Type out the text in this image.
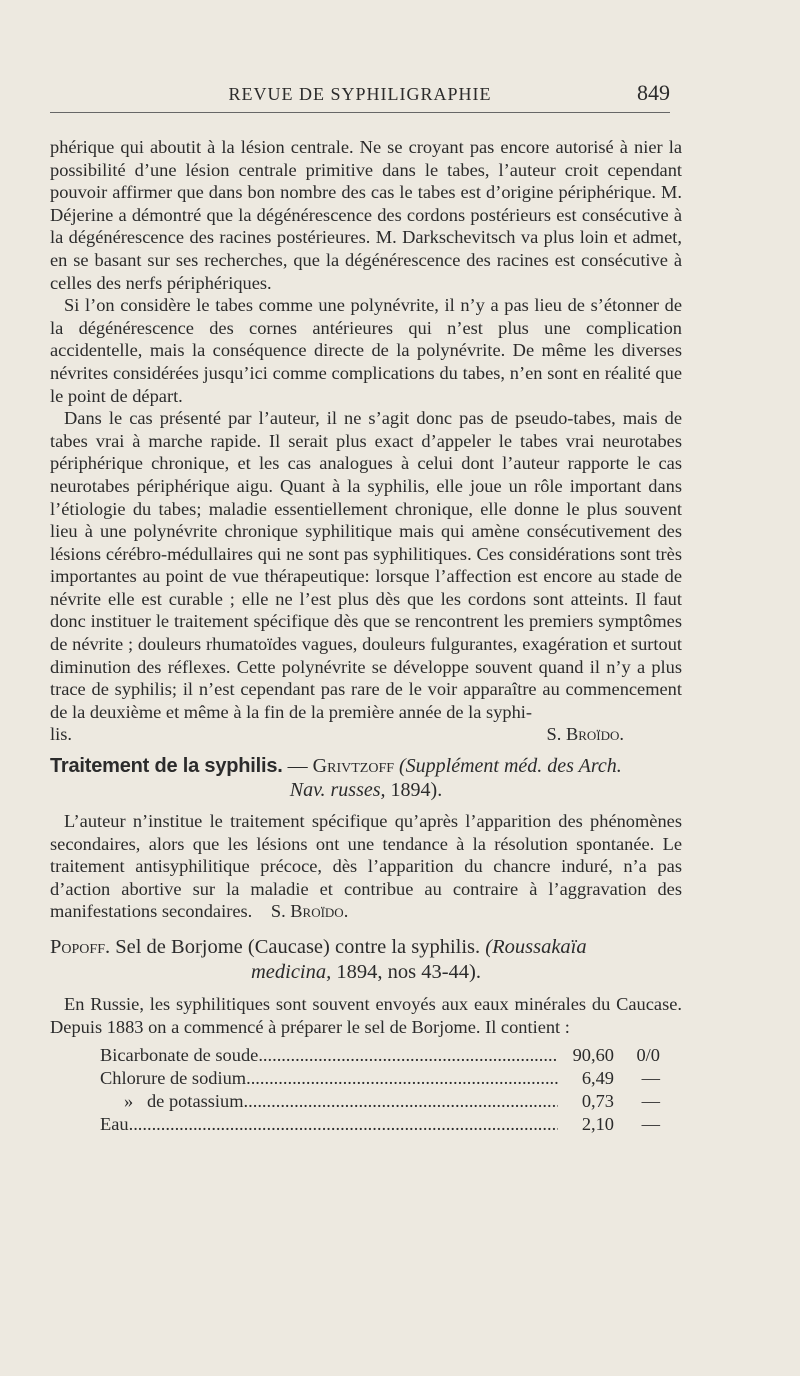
REVUE DE SYPHILIGRAPHIE	849

phérique qui aboutit à la lésion centrale. Ne se croyant pas encore autorisé à nier la possibilité d’une lésion centrale primitive dans le tabes, l’auteur croit cependant pouvoir affirmer que dans bon nombre des cas le tabes est d’origine périphérique. M. Déjerine a démontré que la dégénérescence des cordons postérieurs est consécutive à la dégénérescence des racines postérieures. M. Darkschevitsch va plus loin et admet, en se basant sur ses recherches, que la dégénérescence des racines est consécutive à celles des nerfs périphériques.

Si l’on considère le tabes comme une polynévrite, il n’y a pas lieu de s’étonner de la dégénérescence des cornes antérieures qui n’est plus une complication accidentelle, mais la conséquence directe de la polynévrite. De même les diverses névrites considérées jusqu’ici comme complications du tabes, n’en sont en réalité que le point de départ.

Dans le cas présenté par l’auteur, il ne s’agit donc pas de pseudo-tabes, mais de tabes vrai à marche rapide. Il serait plus exact d’appeler le tabes vrai neurotabes périphérique chronique, et les cas analogues à celui dont l’auteur rapporte le cas neurotabes périphérique aigu. Quant à la syphilis, elle joue un rôle important dans l’étiologie du tabes; maladie essentiellement chronique, elle donne le plus souvent lieu à une polynévrite chronique syphilitique mais qui amène consécutivement des lésions cérébro-médullaires qui ne sont pas syphilitiques. Ces considérations sont très importantes au point de vue thérapeutique: lorsque l’affection est encore au stade de névrite elle est curable ; elle ne l’est plus dès que les cordons sont atteints. Il faut donc instituer le traitement spécifique dès que se rencontrent les premiers symptômes de névrite ; douleurs rhumatoïdes vagues, douleurs fulgurantes, exagération et surtout diminution des réflexes. Cette polynévrite se développe souvent quand il n’y a plus trace de syphilis; il n’est cependant pas rare de le voir apparaître au commencement de la deuxième et même à la fin de la première année de la syphi-

lis.	S. Broïdo.

Traitement de la syphilis. — Grivtzoff (Supplément méd. des Arch.
Nav. russes, 1894).

L’auteur n’institue le traitement spécifique qu’après l’apparition des phénomènes secondaires, alors que les lésions ont une tendance à la résolution spontanée. Le traitement antisyphilitique précoce, dès l’apparition du chancre induré, n’a pas d’action abortive sur la maladie et contribue au contraire à l’aggravation des manifestations secondaires. S. Broïdo.

Popoff. Sel de Borjome (Caucase) contre la syphilis. (Roussakaïa
medicina, 1894, nos 43-44).

En Russie, les syphilitiques sont souvent envoyés aux eaux minérales du Caucase. Depuis 1883 on a commencé à préparer le sel de Borjome. Il contient :

Bicarbonate de soude .....	90,60	0/0
Chlorure de sodium .....	6,49	—
»   de potassium .....	0,73	—
Eau .....	2,10	—
